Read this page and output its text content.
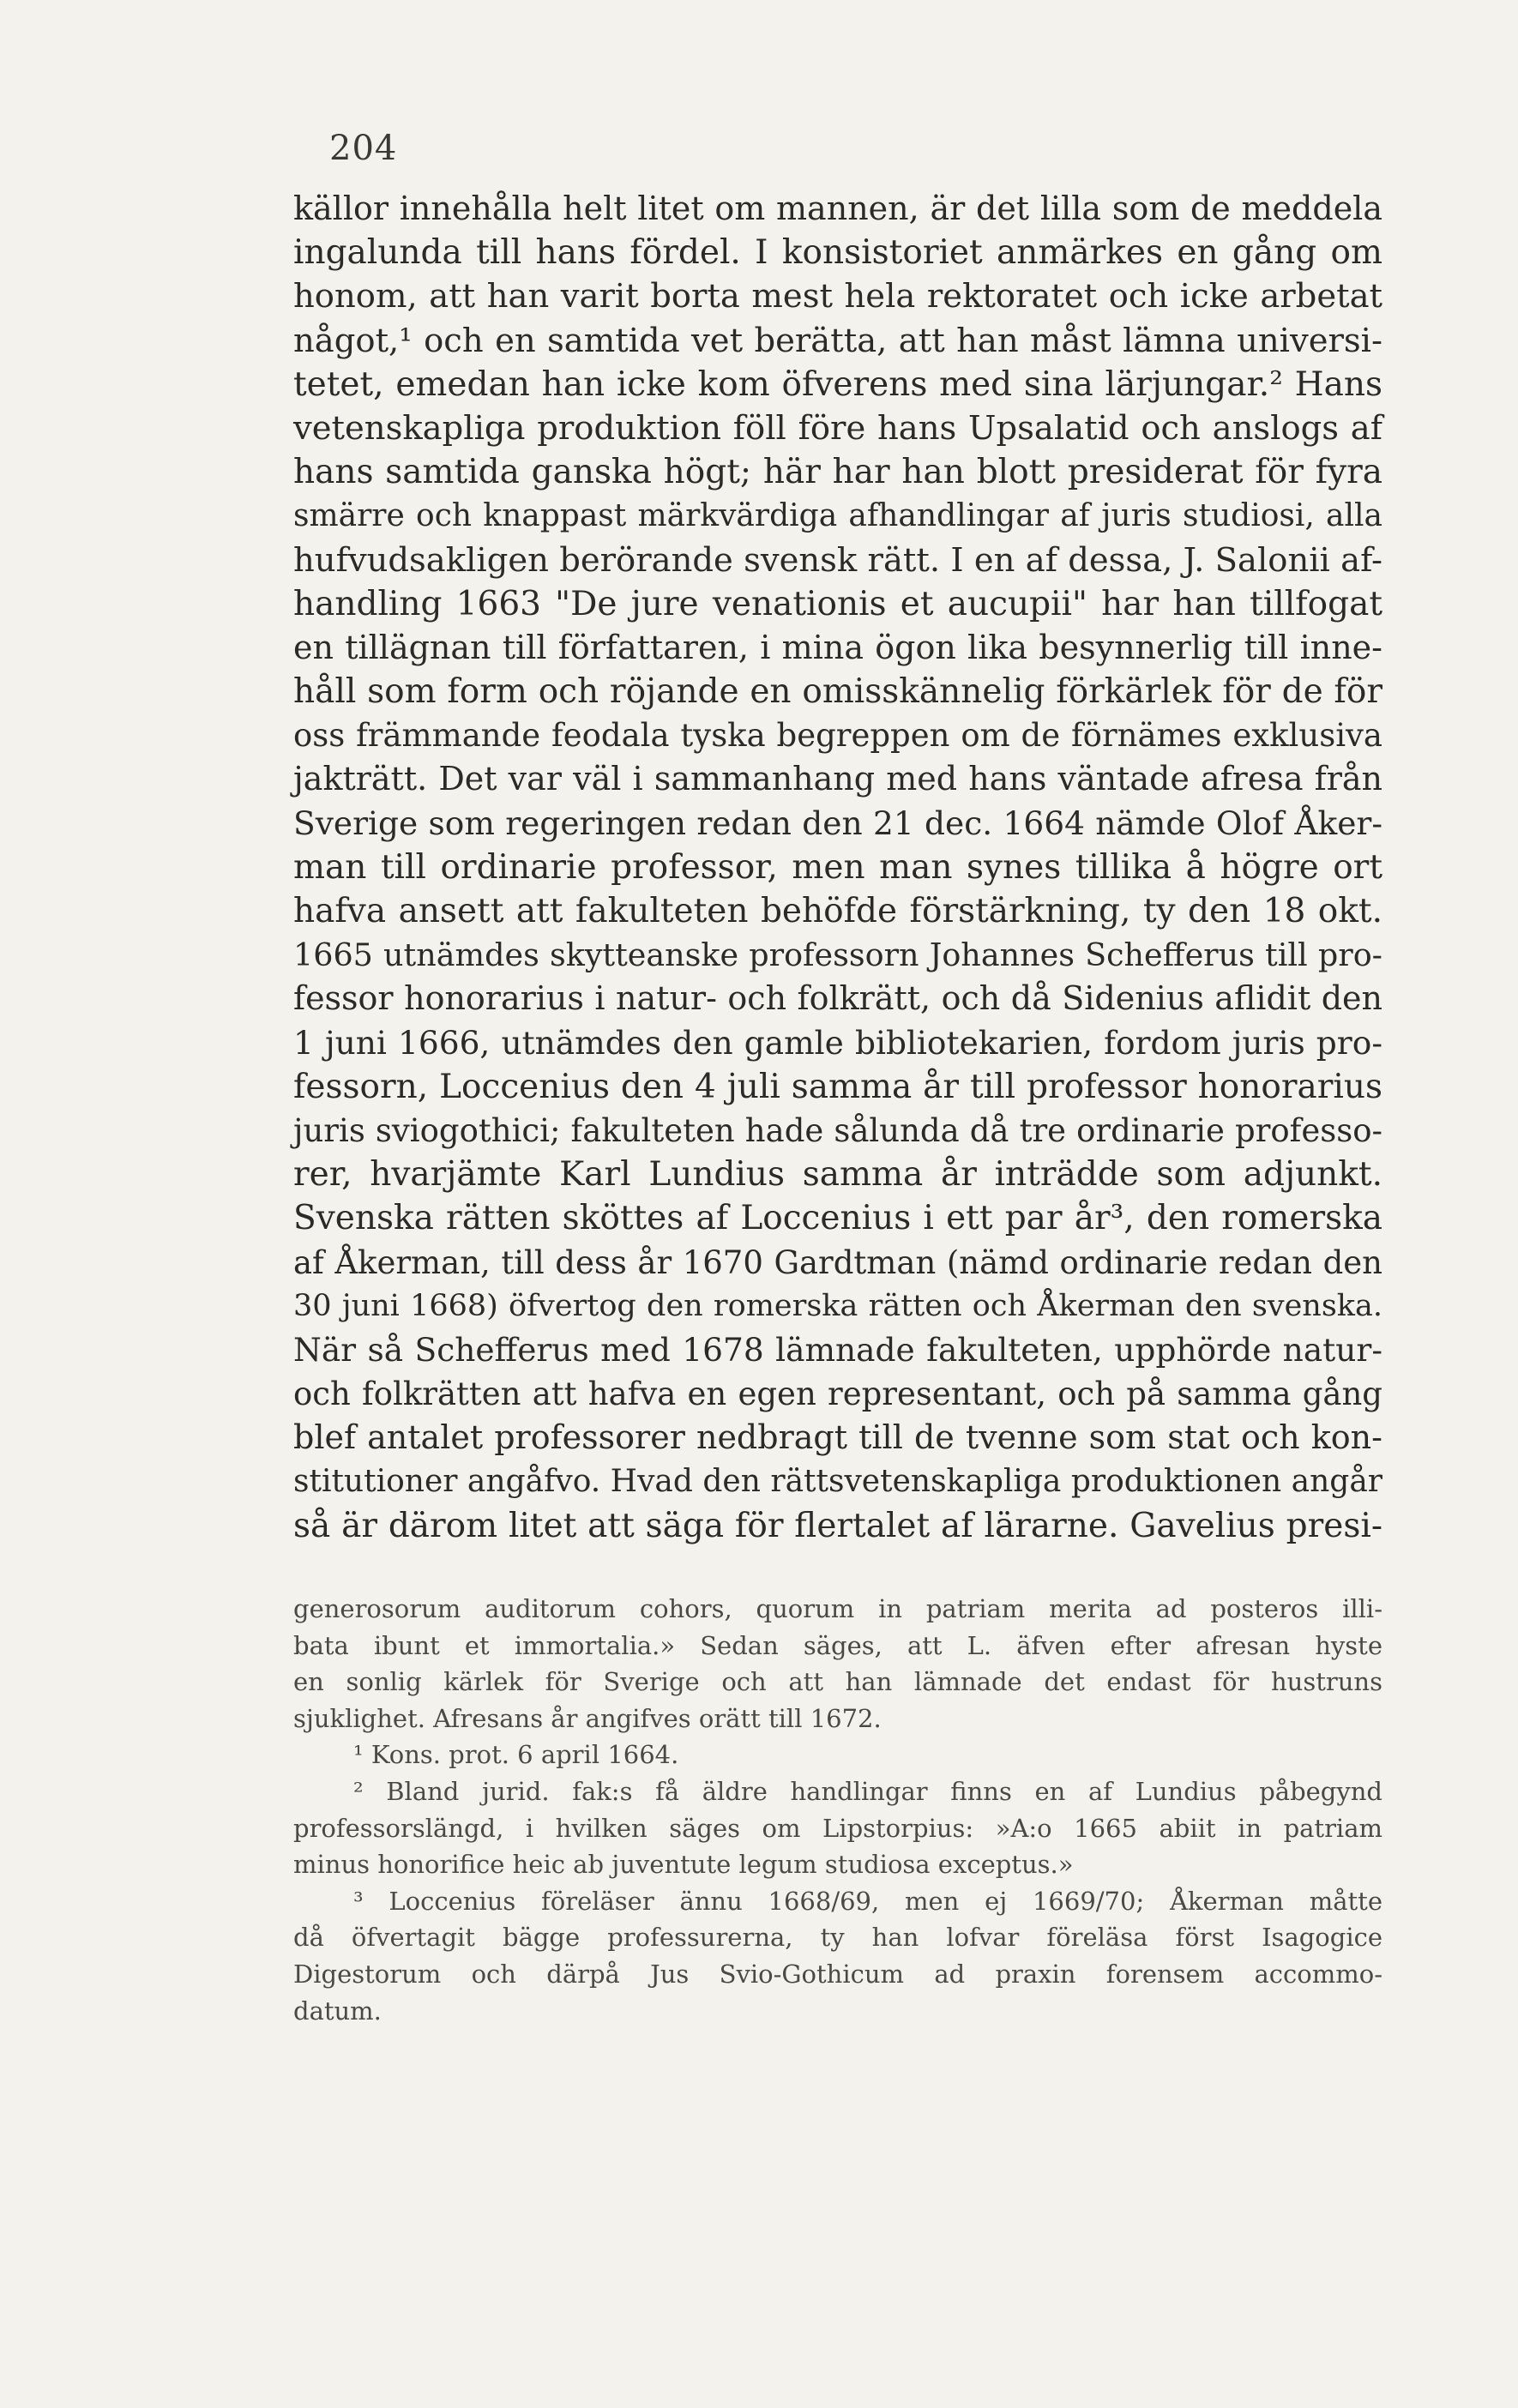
204
källor innehålla helt litet om mannen, är det lilla som de meddela
ingalunda till hans fördel. I konsistoriet anmärkes en gång om
honom, att han varit borta mest hela rektoratet och icke arbetat
något,¹ och en samtida vet berätta, att han måst lämna universi-
tetet, emedan han icke kom öfverens med sina lärjungar.² Hans
vetenskapliga produktion föll före hans Upsalatid och anslogs af
hans samtida ganska högt; här har han blott presiderat för fyra
smärre och knappast märkvärdiga afhandlingar af juris studiosi, alla
hufvudsakligen berörande svensk rätt. I en af dessa, J. Salonii af-
handling 1663 "De jure venationis et aucupii" har han tillfogat
en tillägnan till författaren, i mina ögon lika besynnerlig till inne-
håll som form och röjande en omisskännelig förkärlek för de för
oss främmande feodala tyska begreppen om de förnämes exklusiva
jakträtt. Det var väl i sammanhang med hans väntade afresa från
Sverige som regeringen redan den 21 dec. 1664 nämde Olof Åker-
man till ordinarie professor, men man synes tillika å högre ort
hafva ansett att fakulteten behöfde förstärkning, ty den 18 okt.
1665 utnämdes skytteanske professorn Johannes Schefferus till pro-
fessor honorarius i natur- och folkrätt, och då Sidenius aflidit den
1 juni 1666, utnämdes den gamle bibliotekarien, fordom juris pro-
fessorn, Loccenius den 4 juli samma år till professor honorarius
juris sviogothici; fakulteten hade sålunda då tre ordinarie professo-
rer, hvarjämte Karl Lundius samma år inträdde som adjunkt.
Svenska rätten sköttes af Loccenius i ett par år³, den romerska
af Åkerman, till dess år 1670 Gardtman (nämd ordinarie redan den
30 juni 1668) öfvertog den romerska rätten och Åkerman den svenska.
När så Schefferus med 1678 lämnade fakulteten, upphörde natur-
och folkrätten att hafva en egen representant, och på samma gång
blef antalet professorer nedbragt till de tvenne som stat och kon-
stitutioner angåfvo. Hvad den rättsvetenskapliga produktionen angår
så är därom litet att säga för flertalet af lärarne. Gavelius presi-
generosorum auditorum cohors, quorum in patriam merita ad posteros illi-
bata ibunt et immortalia.» Sedan säges, att L. äfven efter afresan hyste
en sonlig kärlek för Sverige och att han lämnade det endast för hustruns
sjuklighet. Afresans år angifves orätt till 1672.
¹ Kons. prot. 6 april 1664.
² Bland jurid. fak:s få äldre handlingar finns en af Lundius påbegynd
professorslängd, i hvilken säges om Lipstorpius: »A:o 1665 abiit in patriam
minus honorifice heic ab juventute legum studiosa exceptus.»
³ Loccenius föreläser ännu 1668/69, men ej 1669/70; Åkerman måtte
då öfvertagit bägge professurerna, ty han lofvar föreläsa först Isagogice
Digestorum och därpå Jus Svio-Gothicum ad praxin forensem accommo-
datum.
